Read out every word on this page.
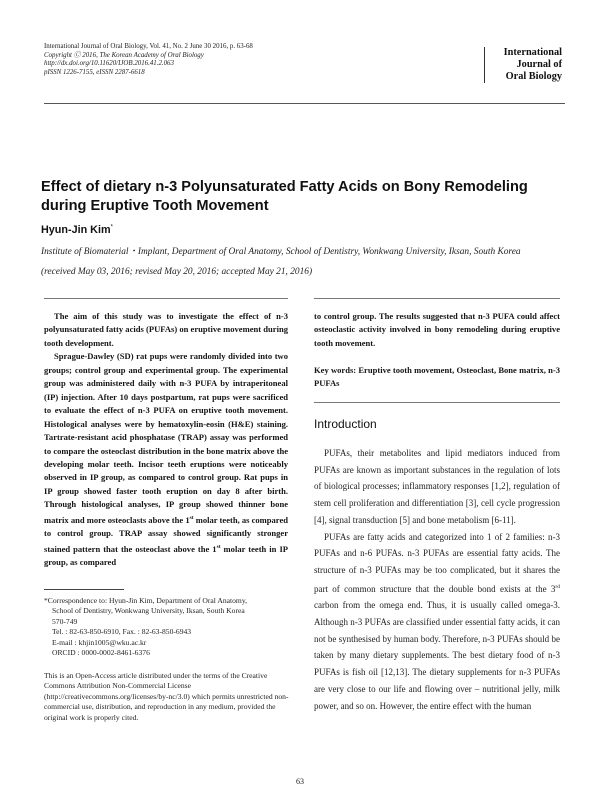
International Journal of Oral Biology, Vol. 41, No. 2 June 30 2016, p. 63-68
Copyright Ⓒ 2016, The Korean Academy of Oral Biology
http://dx.doi.org/10.11620/IJOB.2016.41.2.063
pISSN 1226-7155, eISSN 2287-6618
International
Journal of
Oral Biology
Effect of dietary n-3 Polyunsaturated Fatty Acids on Bony Remodeling during Eruptive Tooth Movement
Hyun-Jin Kim*
Institute of Biomaterial・Implant, Department of Oral Anatomy, School of Dentistry, Wonkwang University, Iksan, South Korea
(received May 03, 2016; revised May 20, 2016; accepted May 21, 2016)

The aim of this study was to investigate the effect of n-3 polyunsaturated fatty acids (PUFAs) on eruptive movement during tooth development.

Sprague-Dawley (SD) rat pups were randomly divided into two groups; control group and experimental group. The experimental group was administered daily with n-3 PUFA by intraperitoneal (IP) injection. After 10 days postpartum, rat pups were sacrificed to evaluate the effect of n-3 PUFA on eruptive tooth movement. Histological analyses were by hematoxylin-eosin (H&E) staining. Tartrate-resistant acid phosphatase (TRAP) assay was performed to compare the osteoclast distribution in the bone matrix above the developing molar teeth. Incisor teeth eruptions were noticeably observed in IP group, as compared to control group. Rat pups in IP group showed faster tooth eruption on day 8 after birth. Through histological analyses, IP group showed thinner bone matrix and more osteoclasts above the 1st molar teeth, as compared to control group. TRAP assay showed significantly stronger stained pattern that the osteoclast above the 1st molar teeth in IP group, as compared

to control group. The results suggested that n-3 PUFA could affect osteoclastic activity involved in bony remodeling during eruptive tooth movement.
Key words: Eruptive tooth movement, Osteoclast, Bone matrix, n-3 PUFAs
Introduction

PUFAs, their metabolites and lipid mediators induced from PUFAs are known as important substances in the regulation of lots of biological processes; inflammatory responses [1,2], regulation of stem cell proliferation and differentiation [3], cell cycle progression [4], signal transduction [5] and bone metabolism [6-11].

PUFAs are fatty acids and categorized into 1 of 2 families: n-3 PUFAs and n-6 PUFAs. n-3 PUFAs are essential fatty acids. The structure of n-3 PUFAs may be too complicated, but it shares the part of common structure that the double bond exists at the 3rd carbon from the omega end. Thus, it is usually called omega-3. Although n-3 PUFAs are classified under essential fatty acids, it can not be synthesised by human body. Therefore, n-3 PUFAs should be taken by many dietary supplements. The best dietary food of n-3 PUFAs is fish oil [12,13]. The dietary supplements for n-3 PUFAs are very close to our life and flowing over – nutritional jelly, milk power, and so on. However, the entire effect with the human

*Correspondence to: Hyun-Jin Kim, Department of Oral Anatomy,
School of Dentistry, Wonkwang University, Iksan, South Korea
570-749
Tel. : 82-63-850-6910, Fax. : 82-63-850-6943
E-mail : khjin1005@wku.ac.kr
ORCID : 0000-0002-8461-6376
This is an Open-Access article distributed under the terms of the Creative Commons Attribution Non-Commercial License (http://creativecommons.org/licenses/by-nc/3.0) which permits unrestricted non-commercial use, distribution, and reproduction in any medium, provided the original work is properly cited.
63
